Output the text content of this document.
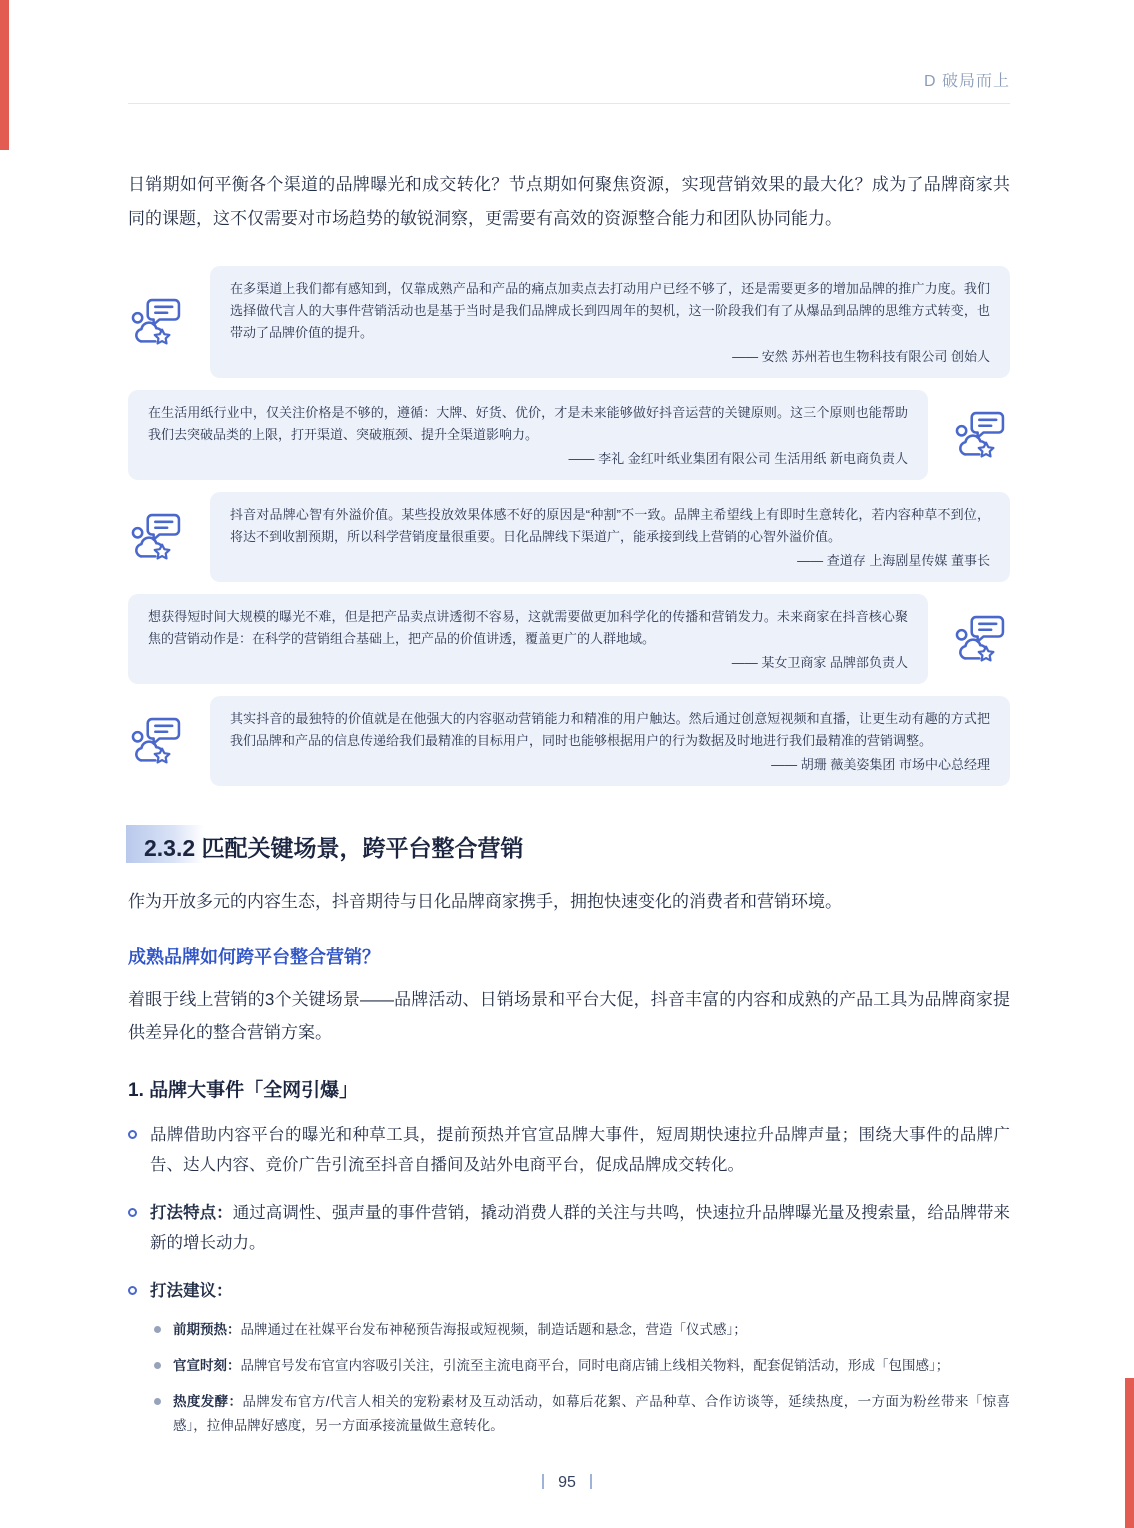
D 破局而上

日销期如何平衡各个渠道的品牌曝光和成交转化？节点期如何聚焦资源，实现营销效果的最大化？成为了品牌商家共同的课题，这不仅需要对市场趋势的敏锐洞察，更需要有高效的资源整合能力和团队协同能力。

在多渠道上我们都有感知到，仅靠成熟产品和产品的痛点加卖点去打动用户已经不够了，还是需要更多的增加品牌的推广力度。我们选择做代言人的大事件营销活动也是基于当时是我们品牌成长到四周年的契机，这一阶段我们有了从爆品到品牌的思维方式转变，也带动了品牌价值的提升。

—— 安然 苏州若也生物科技有限公司 创始人

在生活用纸行业中，仅关注价格是不够的，遵循：大牌、好货、优价，才是未来能够做好抖音运营的关键原则。这三个原则也能帮助我们去突破品类的上限，打开渠道、突破瓶颈、提升全渠道影响力。

—— 李礼 金红叶纸业集团有限公司 生活用纸 新电商负责人

抖音对品牌心智有外溢价值。某些投放效果体感不好的原因是“种割”不一致。品牌主希望线上有即时生意转化，若内容种草不到位，将达不到收割预期，所以科学营销度量很重要。日化品牌线下渠道广，能承接到线上营销的心智外溢价值。

—— 查道存 上海剧星传媒 董事长

想获得短时间大规模的曝光不难，但是把产品卖点讲透彻不容易，这就需要做更加科学化的传播和营销发力。未来商家在抖音核心聚焦的营销动作是：在科学的营销组合基础上，把产品的价值讲透，覆盖更广的人群地域。

—— 某女卫商家 品牌部负责人

其实抖音的最独特的价值就是在他强大的内容驱动营销能力和精准的用户触达。然后通过创意短视频和直播，让更生动有趣的方式把我们品牌和产品的信息传递给我们最精准的目标用户，同时也能够根据用户的行为数据及时地进行我们最精准的营销调整。

—— 胡珊 薇美姿集团 市场中心总经理

2.3.2 匹配关键场景，跨平台整合营销

作为开放多元的内容生态，抖音期待与日化品牌商家携手，拥抱快速变化的消费者和营销环境。

成熟品牌如何跨平台整合营销？

着眼于线上营销的3个关键场景——品牌活动、日销场景和平台大促，抖音丰富的内容和成熟的产品工具为品牌商家提供差异化的整合营销方案。

1. 品牌大事件「全网引爆」
品牌借助内容平台的曝光和种草工具，提前预热并官宣品牌大事件，短周期快速拉升品牌声量；围绕大事件的品牌广告、达人内容、竞价广告引流至抖音自播间及站外电商平台，促成品牌成交转化。
打法特点：通过高调性、强声量的事件营销，撬动消费人群的关注与共鸣，快速拉升品牌曝光量及搜索量，给品牌带来新的增长动力。
打法建议：
前期预热：品牌通过在社媒平台发布神秘预告海报或短视频，制造话题和悬念，营造「仪式感」；
官宣时刻：品牌官号发布官宣内容吸引关注，引流至主流电商平台，同时电商店铺上线相关物料，配套促销活动，形成「包围感」；
热度发酵：品牌发布官方/代言人相关的宠粉素材及互动活动，如幕后花絮、产品种草、合作访谈等，延续热度，一方面为粉丝带来「惊喜感」，拉伸品牌好感度，另一方面承接流量做生意转化。
95
